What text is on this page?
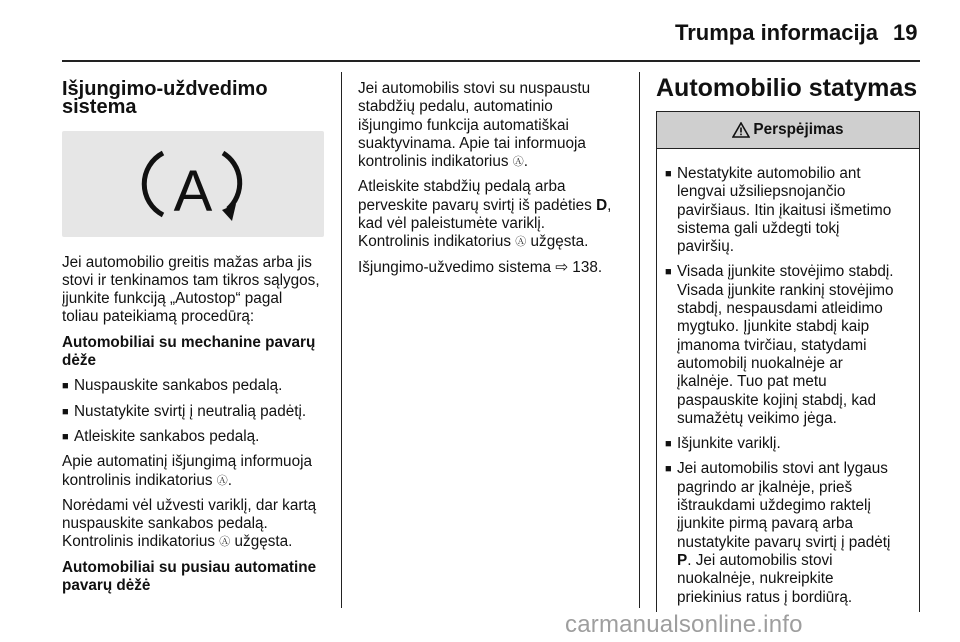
Trumpa informacija 19

Išjungimo-uždvedimo sistema

A

Jei automobilio greitis mažas arba jis
stovi ir tenkinamos tam tikros sąlygos,
įjunkite funkciją „Autostop“ pagal
toliau pateikiamą procedūrą:

Automobiliai su mechanine pavarų
dėže

■ Nuspauskite sankabos pedalą.
■ Nustatykite svirtį į neutralią padėtį.
■ Atleiskite sankabos pedalą.

Apie automatinį išjungimą informuoja
kontrolinis indikatorius Ⓐ.

Norėdami vėl užvesti variklį, dar kartą
nuspauskite sankabos pedalą.
Kontrolinis indikatorius Ⓐ užgęsta.

Automobiliai su pusiau automatine
pavarų dėžė

Jei automobilis stovi su nuspaustu
stabdžių pedalu, automatinio
išjungimo funkcija automatiškai
suaktyvinama. Apie tai informuoja
kontrolinis indikatorius Ⓐ.

Atleiskite stabdžių pedalą arba
perveskite pavarų svirtį iš padėties D,
kad vėl paleistumėte variklį.
Kontrolinis indikatorius Ⓐ užgęsta.

Išjungimo-užvedimo sistema ⇨ 138.

Automobilio statymas
Perspėjimas
■ Nestatykite automobilio ant
lengvai užsiliepsnojančio
paviršiaus. Itin įkaitusi išmetimo
sistema gali uždegti tokį
paviršių.
■ Visada įjunkite stovėjimo stabdį.
Visada įjunkite rankinį stovėjimo
stabdį, nespausdami atleidimo
mygtuko. Įjunkite stabdį kaip
įmanoma tvirčiau, statydami
automobilį nuokalnėje ar
įkalnėje. Tuo pat metu
paspauskite kojinį stabdį, kad
sumažėtų veikimo jėga.
■ Išjunkite variklį.
■ Jei automobilis stovi ant lygaus
pagrindo ar įkalnėje, prieš
ištraukdami uždegimo raktelį
įjunkite pirmą pavarą arba
nustatykite pavarų svirtį į padėtį
P. Jei automobilis stovi
nuokalnėje, nukreipkite
priekinius ratus į bordiūrą.
carmanualsonline.info
